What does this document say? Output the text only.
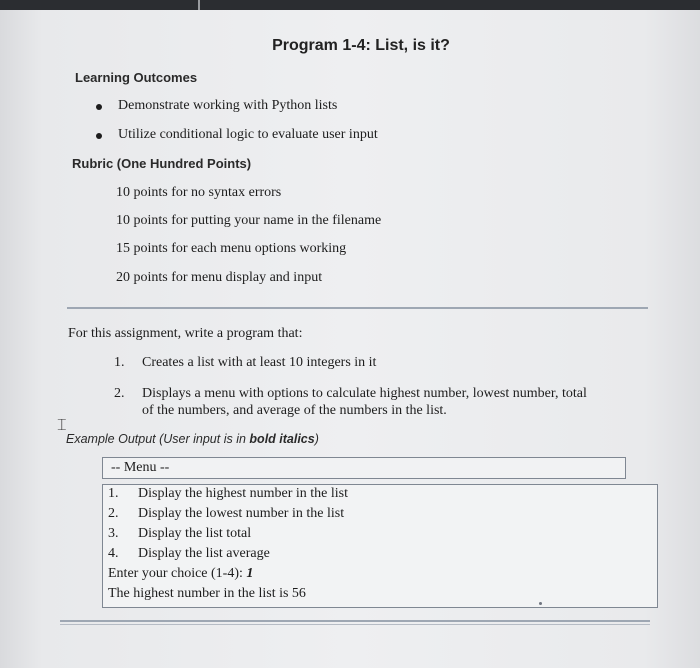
Program 1-4: List, is it?
Learning Outcomes
Demonstrate working with Python lists
Utilize conditional logic to evaluate user input
Rubric (One Hundred Points)
10 points for no syntax errors
10 points for putting your name in the filename
15 points for each menu options working
20 points for menu display and input
For this assignment, write a program that:
1. Creates a list with at least 10 integers in it
2. Displays a menu with options to calculate highest number, lowest number, total
of the numbers, and average of the numbers in the list.
⌶
Example Output (User input is in bold italics)
-- Menu --
1. Display the highest number in the list
2. Display the lowest number in the list
3. Display the list total
4. Display the list average
Enter your choice (1-4): 1
The highest number in the list is 56
